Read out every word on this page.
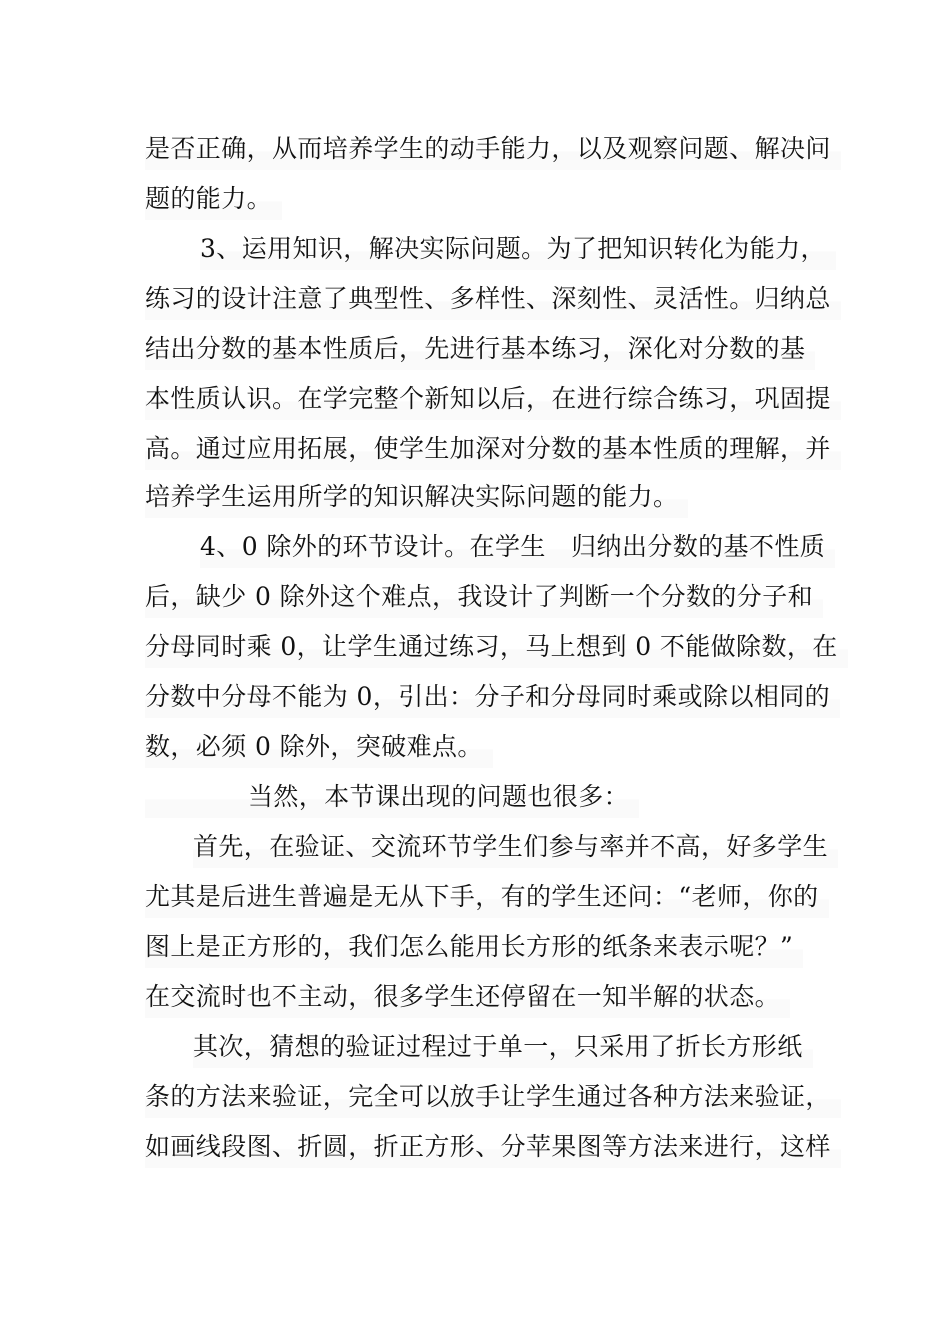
是否正确，从而培养学生的动手能力，以及观察问题、解决问
题的能力。
3、运用知识，解决实际问题。为了把知识转化为能力，
练习的设计注意了典型性、多样性、深刻性、灵活性。归纳总
结出分数的基本性质后，先进行基本练习，深化对分数的基
本性质认识。在学完整个新知以后，在进行综合练习，巩固提
高。通过应用拓展，使学生加深对分数的基本性质的理解，并
培养学生运用所学的知识解决实际问题的能力。
4、0 除外的环节设计。在学生　归纳出分数的基不性质
后，缺少 0 除外这个难点，我设计了判断一个分数的分子和
分母同时乘 0，让学生通过练习，马上想到 0 不能做除数，在
分数中分母不能为 0，引出：分子和分母同时乘或除以相同的
数，必须 0 除外，突破难点。
当然，本节课出现的问题也很多：
首先，在验证、交流环节学生们参与率并不高，好多学生
尤其是后进生普遍是无从下手，有的学生还问：“老师，你的
图上是正方形的，我们怎么能用长方形的纸条来表示呢？”
在交流时也不主动，很多学生还停留在一知半解的状态。
其次，猜想的验证过程过于单一，只采用了折长方形纸
条的方法来验证，完全可以放手让学生通过各种方法来验证，
如画线段图、折圆，折正方形、分苹果图等方法来进行，这样
